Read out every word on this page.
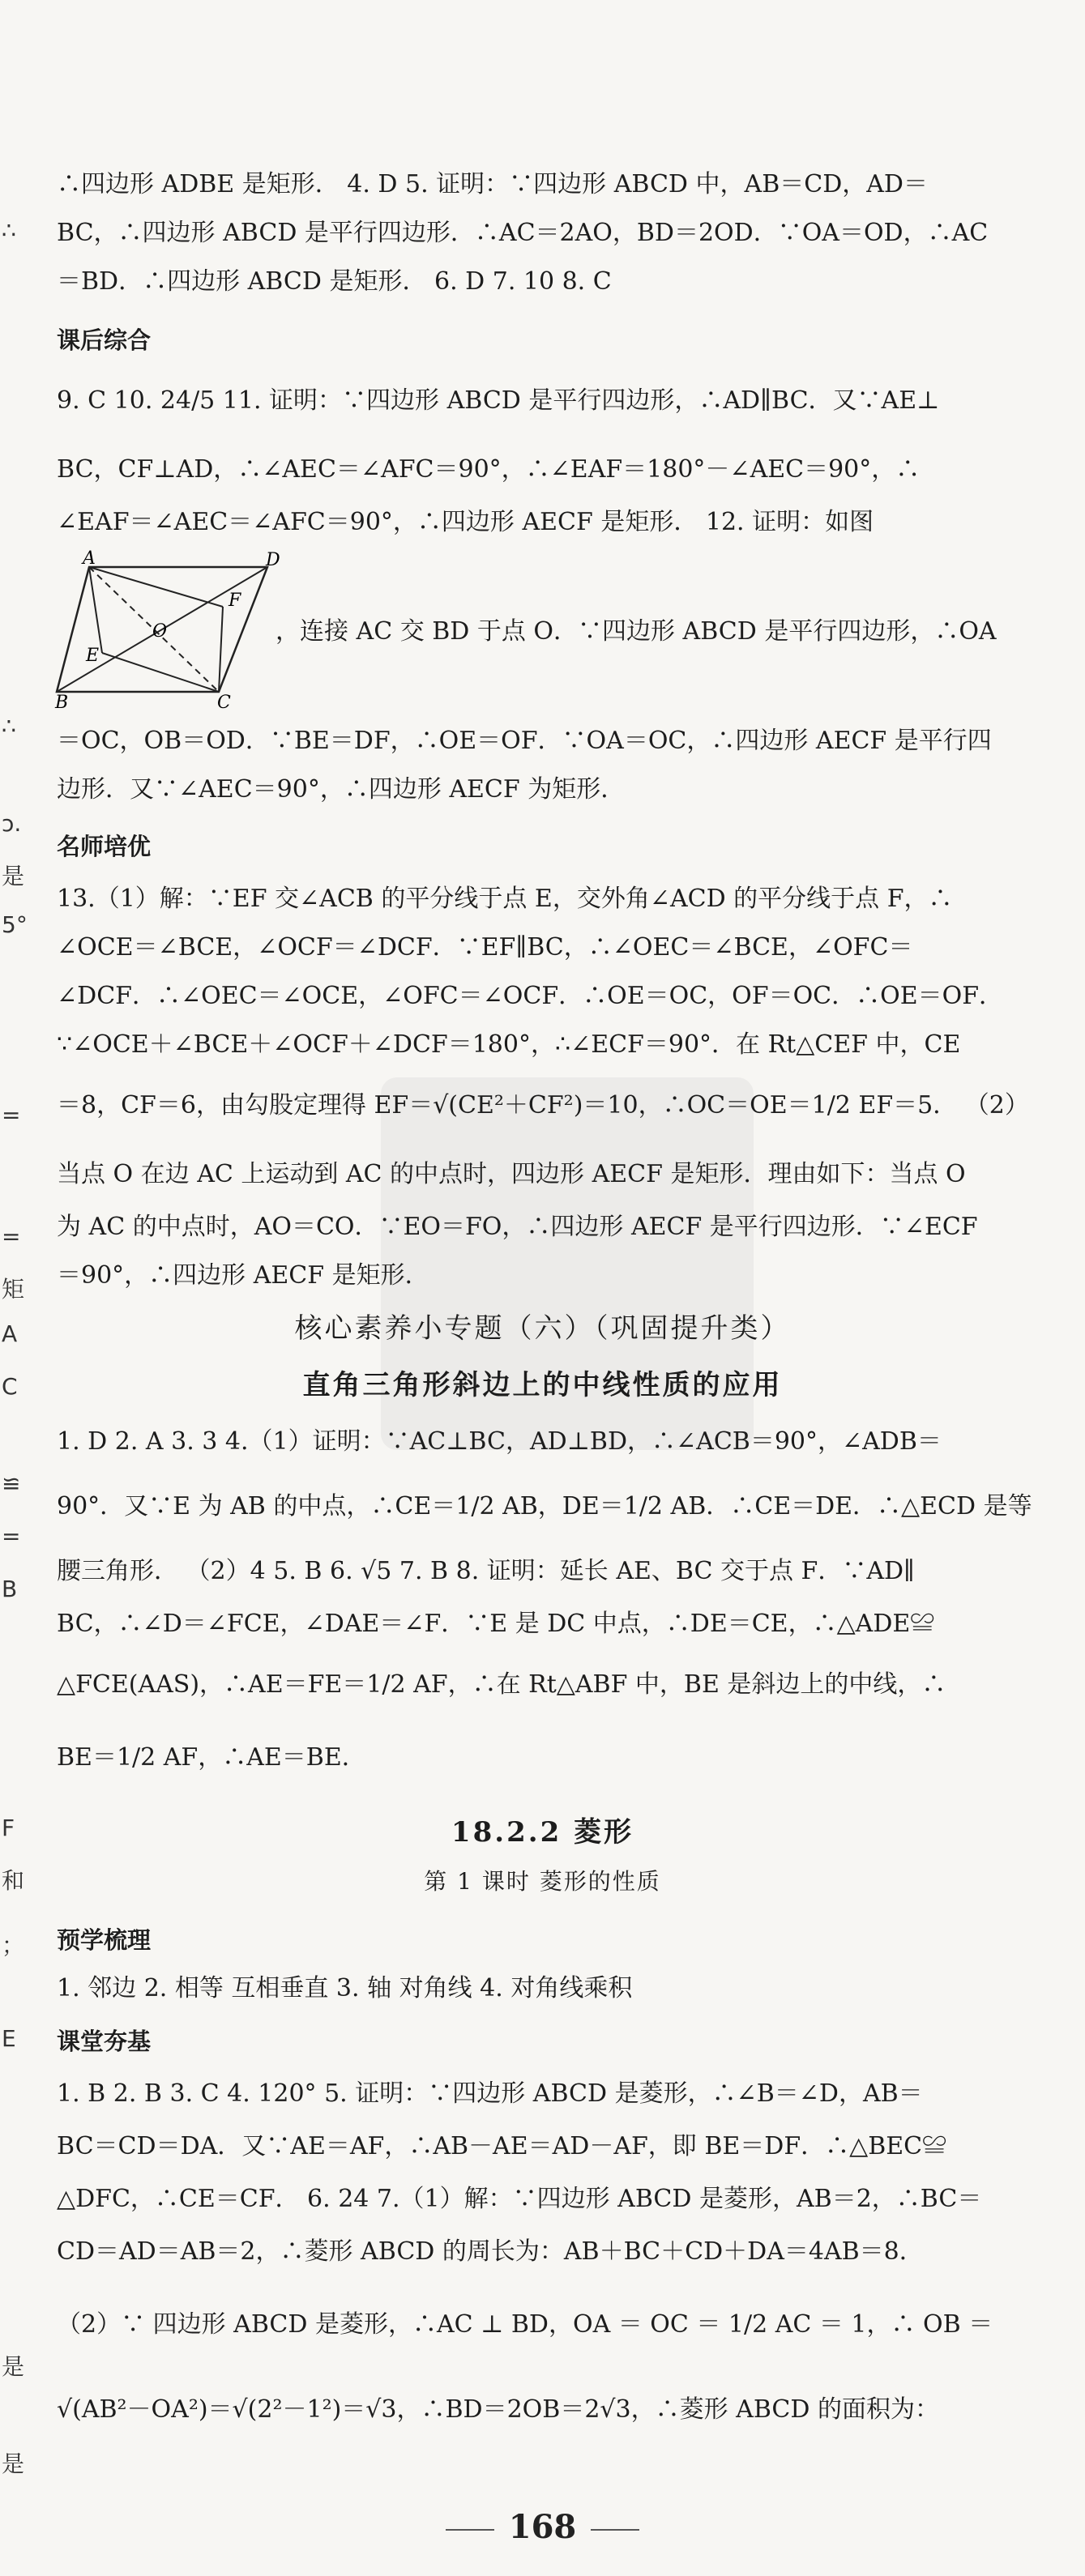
∴
∴
ɔ.
是
5°
=
=
矩
A
C
≌
=
B
F
和
；
E
是
是
∴四边形 ADBE 是矩形． 4. D 5. 证明：∵四边形 ABCD 中，AB＝CD，AD＝
BC，∴四边形 ABCD 是平行四边形．∴AC＝2AO，BD＝2OD．∵OA＝OD，∴AC
＝BD．∴四边形 ABCD 是矩形． 6. D 7. 10 8. C
课后综合
9. C 10. 24/5 11. 证明：∵四边形 ABCD 是平行四边形，∴AD∥BC．又∵AE⊥
BC，CF⊥AD，∴∠AEC＝∠AFC＝90°，∴∠EAF＝180°－∠AEC＝90°，∴
∠EAF＝∠AEC＝∠AFC＝90°，∴四边形 AECF 是矩形． 12. 证明：如图
A	D
B	C
E
F
O	，连接 AC 交 BD 于点 O．∵四边形 ABCD 是平行四边形，∴OA
＝OC，OB＝OD．∵BE＝DF，∴OE＝OF．∵OA＝OC，∴四边形 AECF 是平行四
边形．又∵∠AEC＝90°，∴四边形 AECF 为矩形．
名师培优
13.（1）解：∵EF 交∠ACB 的平分线于点 E，交外角∠ACD 的平分线于点 F，∴
∠OCE＝∠BCE，∠OCF＝∠DCF．∵EF∥BC，∴∠OEC＝∠BCE，∠OFC＝
∠DCF．∴∠OEC＝∠OCE，∠OFC＝∠OCF．∴OE＝OC，OF＝OC．∴OE＝OF．
∵∠OCE＋∠BCE＋∠OCF＋∠DCF＝180°，∴∠ECF＝90°．在 Rt△CEF 中，CE
＝8，CF＝6，由勾股定理得 EF＝√(CE²＋CF²)＝10，∴OC＝OE＝1/2 EF＝5． （2）
当点 O 在边 AC 上运动到 AC 的中点时，四边形 AECF 是矩形．理由如下：当点 O
为 AC 的中点时，AO＝CO．∵EO＝FO，∴四边形 AECF 是平行四边形．∵∠ECF
＝90°，∴四边形 AECF 是矩形．
核心素养小专题（六）（巩固提升类）
直角三角形斜边上的中线性质的应用
1. D 2. A 3. 3 4.（1）证明：∵AC⊥BC，AD⊥BD，∴∠ACB＝90°，∠ADB＝
90°．又∵E 为 AB 的中点，∴CE＝1/2 AB，DE＝1/2 AB．∴CE＝DE．∴△ECD 是等
腰三角形． （2）4 5. B 6. √5 7. B 8. 证明：延长 AE、BC 交于点 F．∵AD∥
BC，∴∠D＝∠FCE，∠DAE＝∠F．∵E 是 DC 中点，∴DE＝CE，∴△ADE≌
△FCE(AAS)，∴AE＝FE＝1/2 AF，∴在 Rt△ABF 中，BE 是斜边上的中线，∴
BE＝1/2 AF，∴AE＝BE．
18.2.2 菱形
第 1 课时 菱形的性质
预学梳理
1. 邻边 2. 相等 互相垂直 3. 轴 对角线 4. 对角线乘积
课堂夯基
1. B 2. B 3. C 4. 120° 5. 证明：∵四边形 ABCD 是菱形，∴∠B＝∠D，AB＝
BC＝CD＝DA．又∵AE＝AF，∴AB－AE＝AD－AF，即 BE＝DF．∴△BEC≌
△DFC，∴CE＝CF． 6. 24 7.（1）解：∵四边形 ABCD 是菱形，AB＝2，∴BC＝
CD＝AD＝AB＝2，∴菱形 ABCD 的周长为：AB＋BC＋CD＋DA＝4AB＝8．
（2）∵ 四边形 ABCD 是菱形，∴AC ⊥ BD，OA ＝ OC ＝ 1/2 AC ＝ 1，∴ OB ＝
√(AB²－OA²)＝√(2²－1²)＝√3，∴BD＝2OB＝2√3，∴菱形 ABCD 的面积为：
168
